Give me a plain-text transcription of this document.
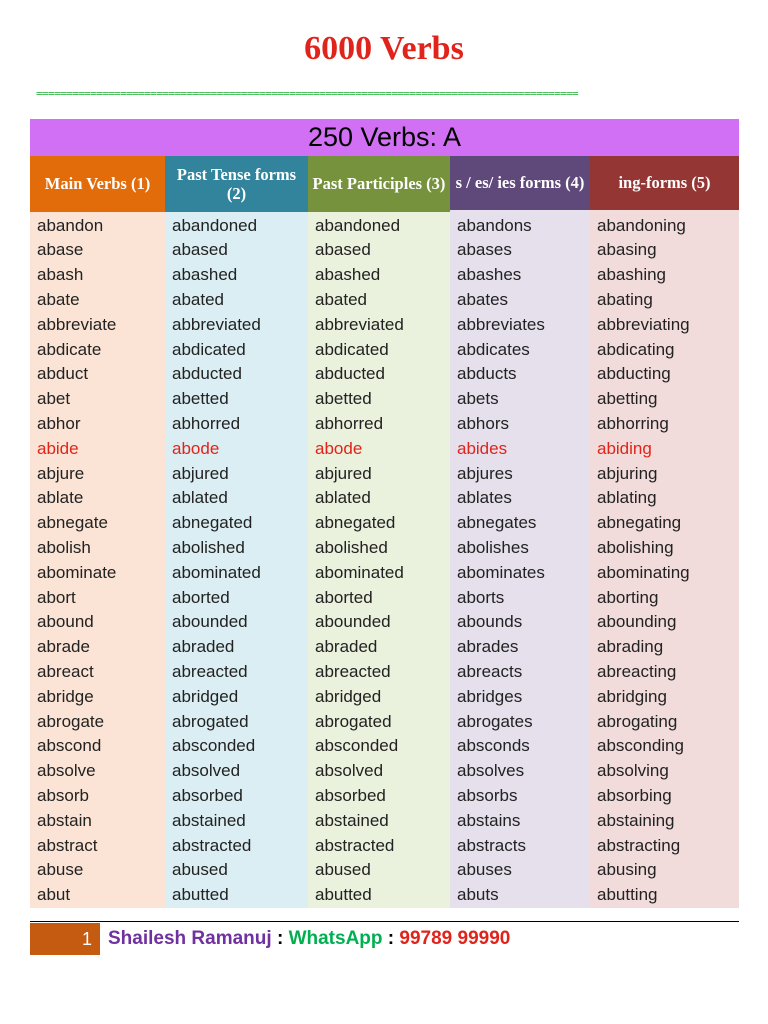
6000 Verbs
==========================================================================================
250 Verbs: A
Main Verbs (1)
abandon
abase
abash
abate
abbreviate
abdicate
abduct
abet
abhor
abide
abjure
ablate
abnegate
abolish
abominate
abort
abound
abrade
abreact
abridge
abrogate
abscond
absolve
absorb
abstain
abstract
abuse
abut
Past Tense forms (2)
abandoned
abased
abashed
abated
abbreviated
abdicated
abducted
abetted
abhorred
abode
abjured
ablated
abnegated
abolished
abominated
aborted
abounded
abraded
abreacted
abridged
abrogated
absconded
absolved
absorbed
abstained
abstracted
abused
abutted
Past Participles (3)
abandoned
abased
abashed
abated
abbreviated
abdicated
abducted
abetted
abhorred
abode
abjured
ablated
abnegated
abolished
abominated
aborted
abounded
abraded
abreacted
abridged
abrogated
absconded
absolved
absorbed
abstained
abstracted
abused
abutted
s / es/ ies forms (4)
abandons
abases
abashes
abates
abbreviates
abdicates
abducts
abets
abhors
abides
abjures
ablates
abnegates
abolishes
abominates
aborts
abounds
abrades
abreacts
abridges
abrogates
absconds
absolves
absorbs
abstains
abstracts
abuses
abuts
ing-forms (5)
abandoning
abasing
abashing
abating
abbreviating
abdicating
abducting
abetting
abhorring
abiding
abjuring
ablating
abnegating
abolishing
abominating
aborting
abounding
abrading
abreacting
abridging
abrogating
absconding
absolving
absorbing
abstaining
abstracting
abusing
abutting
1 Shailesh Ramanuj : WhatsApp : 99789 99990
